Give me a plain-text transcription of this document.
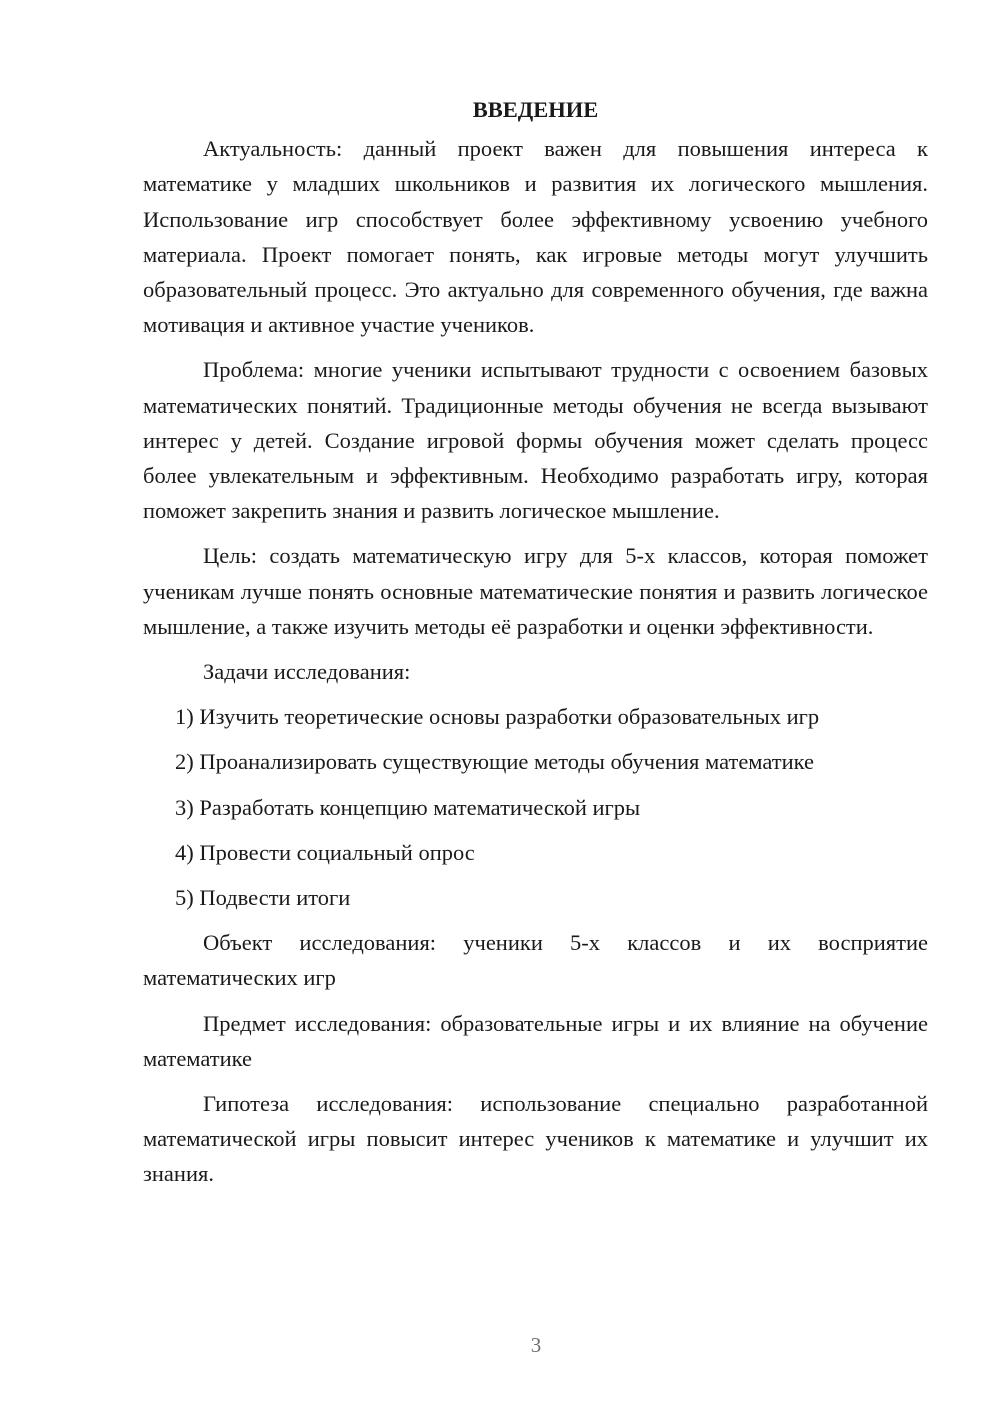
ВВЕДЕНИЕ

Актуальность: данный проект важен для повышения интереса к математике у младших школьников и развития их логического мышления. Использование игр способствует более эффективному усвоению учебного материала. Проект помогает понять, как игровые методы могут улучшить образовательный процесс. Это актуально для современного обучения, где важна мотивация и активное участие учеников.

Проблема: многие ученики испытывают трудности с освоением базовых математических понятий. Традиционные методы обучения не всегда вызывают интерес у детей. Создание игровой формы обучения может сделать процесс более увлекательным и эффективным. Необходимо разработать игру, которая поможет закрепить знания и развить логическое мышление.

Цель: создать математическую игру для 5-х классов, которая поможет ученикам лучше понять основные математические понятия и развить логическое мышление, а также изучить методы её разработки и оценки эффективности.

Задачи исследования:

1) Изучить теоретические основы разработки образовательных игр
2) Проанализировать существующие методы обучения математике
3) Разработать концепцию математической игры
4) Провести социальный опрос
5) Подвести итоги

Объект исследования: ученики 5-х классов и их восприятие математических игр

Предмет исследования: образовательные игры и их влияние на обучение математике

Гипотеза исследования: использование специально разработанной математической игры повысит интерес учеников к математике и улучшит их знания.

3
